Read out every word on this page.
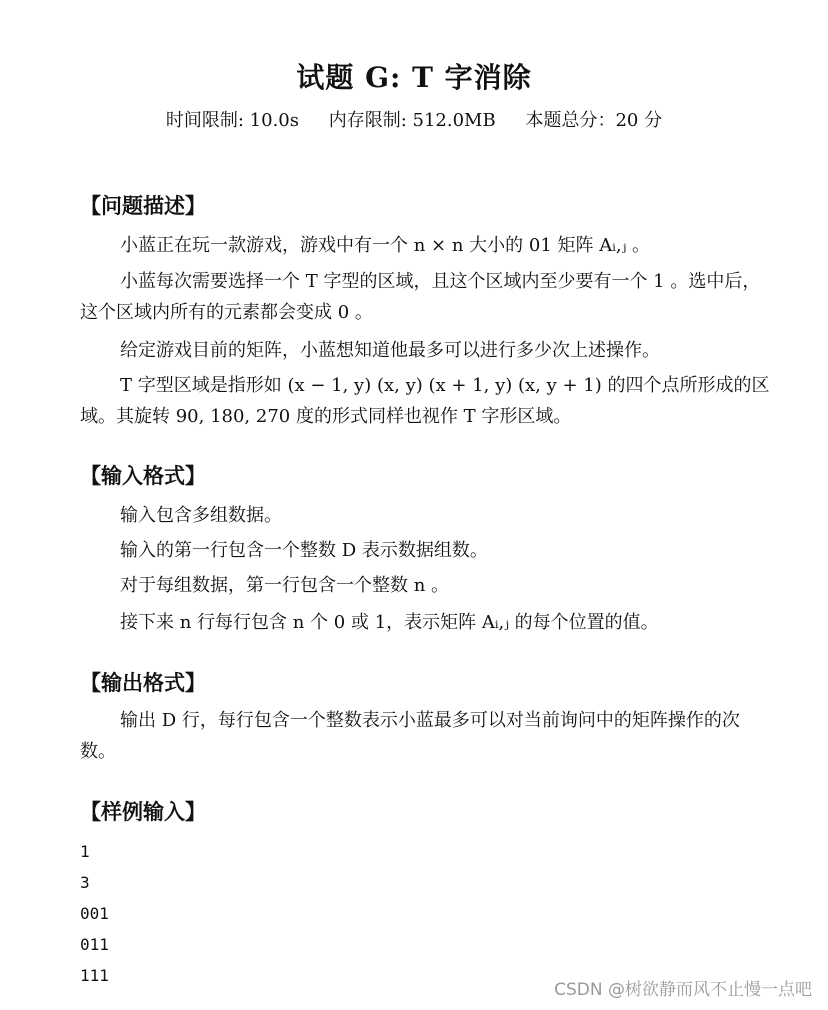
试题 G: T 字消除
时间限制: 10.0s 内存限制: 512.0MB 本题总分：20 分
【问题描述】
小蓝正在玩一款游戏，游戏中有一个 n × n 大小的 01 矩阵 Aᵢ,ⱼ 。
小蓝每次需要选择一个 T 字型的区域，且这个区域内至少要有一个 1 。选中后，这个区域内所有的元素都会变成 0 。
给定游戏目前的矩阵，小蓝想知道他最多可以进行多少次上述操作。
T 字型区域是指形如 (x − 1, y) (x, y) (x + 1, y) (x, y + 1) 的四个点所形成的区域。其旋转 90, 180, 270 度的形式同样也视作 T 字形区域。
【输入格式】
输入包含多组数据。
输入的第一行包含一个整数 D 表示数据组数。
对于每组数据，第一行包含一个整数 n 。
接下来 n 行每行包含 n 个 0 或 1，表示矩阵 Aᵢ,ⱼ 的每个位置的值。
【输出格式】
输出 D 行，每行包含一个整数表示小蓝最多可以对当前询问中的矩阵操作的次数。
【样例输入】
1
3
001
011
111
CSDN @树欲静而风不止慢一点吧
